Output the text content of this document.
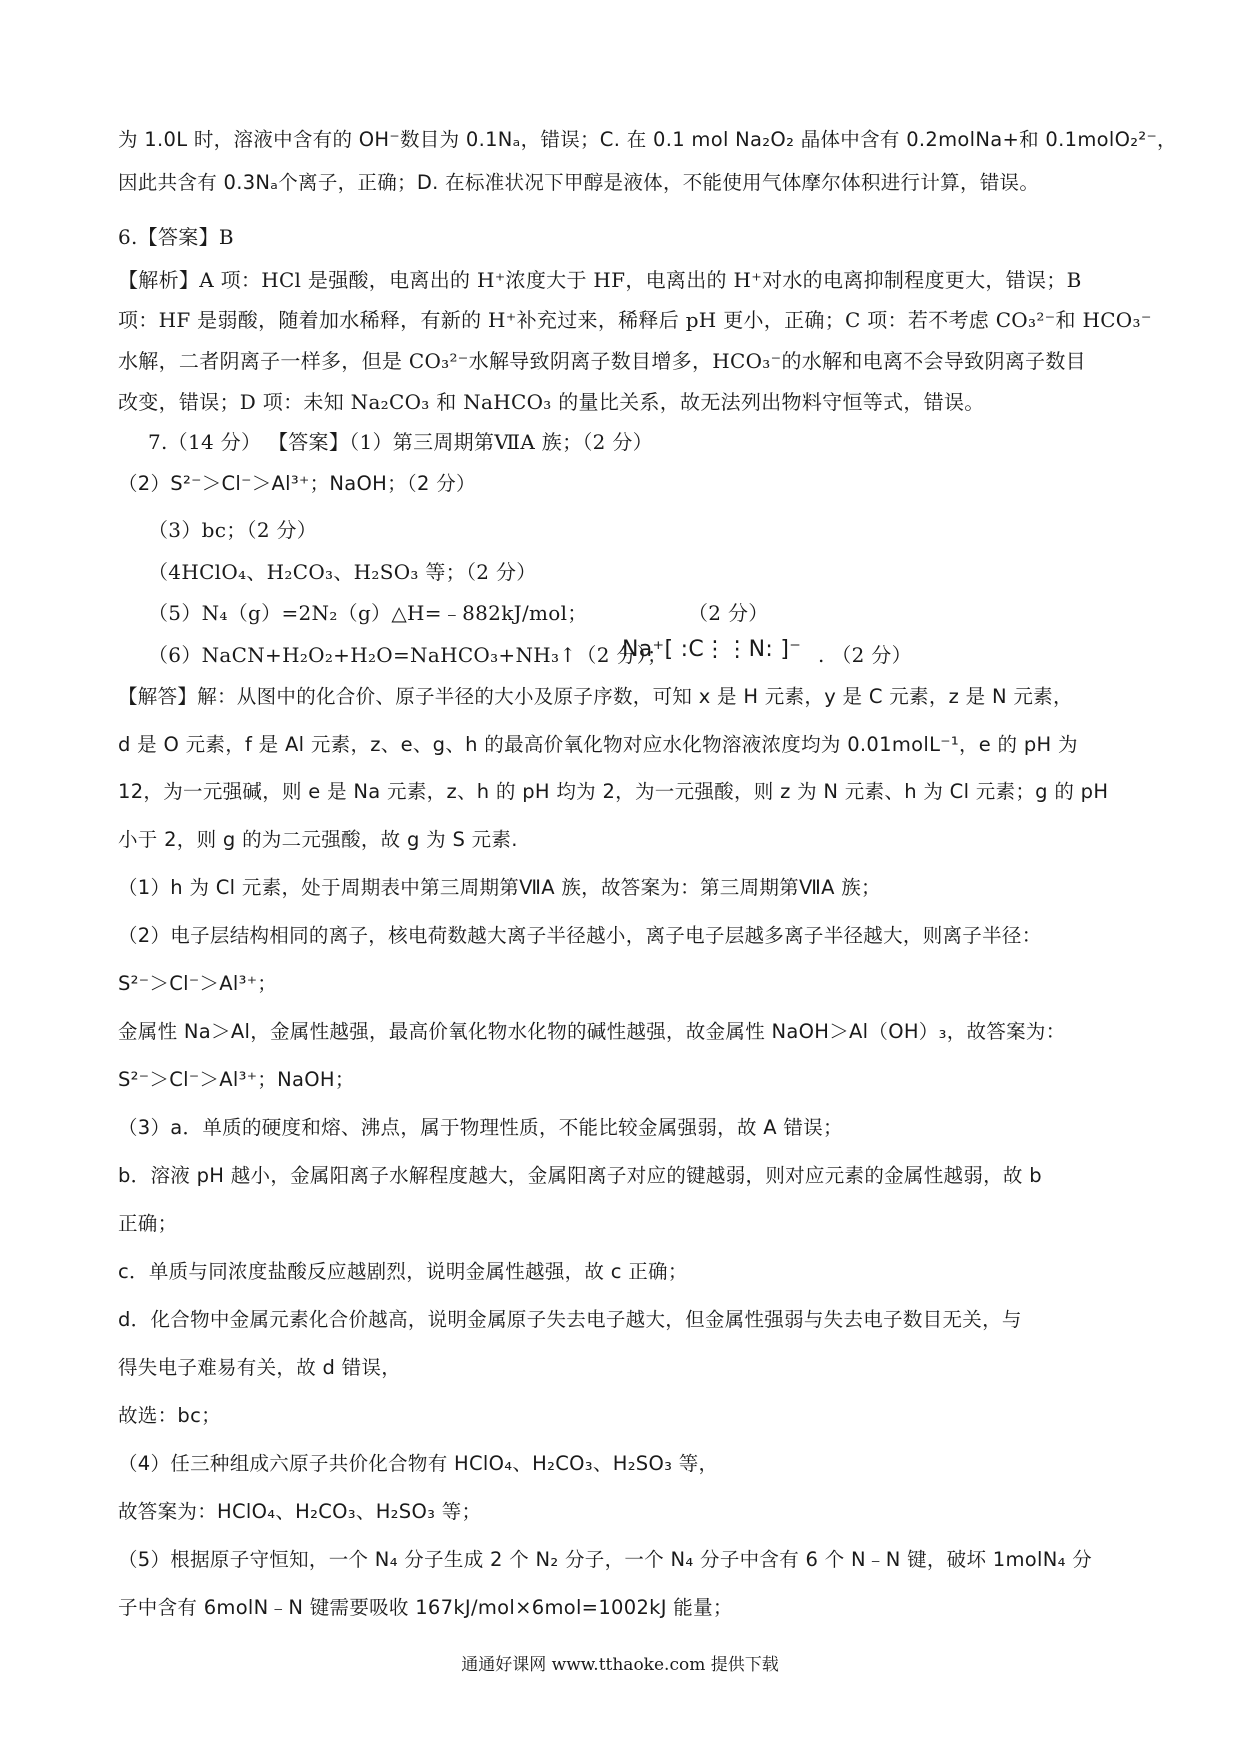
为 1.0L 时，溶液中含有的 OH⁻数目为 0.1Nₐ，错误；C. 在 0.1 mol Na₂O₂ 晶体中含有 0.2molNa+和 0.1molO₂²⁻，
因此共含有 0.3Nₐ个离子，正确；D. 在标准状况下甲醇是液体，不能使用气体摩尔体积进行计算，错误。
6.【答案】B
【解析】A 项：HCl 是强酸，电离出的 H⁺浓度大于 HF，电离出的 H⁺对水的电离抑制程度更大，错误；B
项：HF 是弱酸，随着加水稀释，有新的 H⁺补充过来，稀释后 pH 更小，正确；C 项：若不考虑 CO₃²⁻和 HCO₃⁻
水解，二者阴离子一样多，但是 CO₃²⁻水解导致阴离子数目增多，HCO₃⁻的水解和电离不会导致阴离子数目
改变，错误；D 项：未知 Na₂CO₃ 和 NaHCO₃ 的量比关系，故无法列出物料守恒等式，错误。
7.（14 分） 【答案】（1）第三周期第ⅦA 族；（2 分）
（2）S²⁻＞Cl⁻＞Al³⁺；NaOH；（2 分）
（3）bc；（2 分）
（4HClO₄、H₂CO₃、H₂SO₃ 等；（2 分）
（5）N₄（g）=2N₂（g）△H=﹣882kJ/mol；	（2 分）
（6）NaCN+H₂O₂+H₂O=NaHCO₃+NH₃↑（2 分）；
Na⁺[ :C⋮⋮N: ]⁻ . （2 分）
【解答】解：从图中的化合价、原子半径的大小及原子序数，可知 x 是 H 元素，y 是 C 元素，z 是 N 元素，
d 是 O 元素，f 是 Al 元素，z、e、g、h 的最高价氧化物对应水化物溶液浓度均为 0.01molL⁻¹，e 的 pH 为
12，为一元强碱，则 e 是 Na 元素，z、h 的 pH 均为 2，为一元强酸，则 z 为 N 元素、h 为 Cl 元素；g 的 pH
小于 2，则 g 的为二元强酸，故 g 为 S 元素.
（1）h 为 Cl 元素，处于周期表中第三周期第ⅦA 族，故答案为：第三周期第ⅦA 族；
（2）电子层结构相同的离子，核电荷数越大离子半径越小，离子电子层越多离子半径越大，则离子半径：
S²⁻＞Cl⁻＞Al³⁺；
金属性 Na＞Al，金属性越强，最高价氧化物水化物的碱性越强，故金属性 NaOH＞Al（OH）₃，故答案为：
S²⁻＞Cl⁻＞Al³⁺；NaOH；
（3）a．单质的硬度和熔、沸点，属于物理性质，不能比较金属强弱，故 A 错误；
b．溶液 pH 越小，金属阳离子水解程度越大，金属阳离子对应的键越弱，则对应元素的金属性越弱，故 b
正确；
c．单质与同浓度盐酸反应越剧烈，说明金属性越强，故 c 正确；
d．化合物中金属元素化合价越高，说明金属原子失去电子越大，但金属性强弱与失去电子数目无关，与
得失电子难易有关，故 d 错误，
故选：bc；
（4）任三种组成六原子共价化合物有 HClO₄、H₂CO₃、H₂SO₃ 等，
故答案为：HClO₄、H₂CO₃、H₂SO₃ 等；
（5）根据原子守恒知，一个 N₄ 分子生成 2 个 N₂ 分子，一个 N₄ 分子中含有 6 个 N﹣N 键，破坏 1molN₄ 分
子中含有 6molN﹣N 键需要吸收 167kJ/mol×6mol=1002kJ 能量；
通通好课网 www.tthaoke.com 提供下载
